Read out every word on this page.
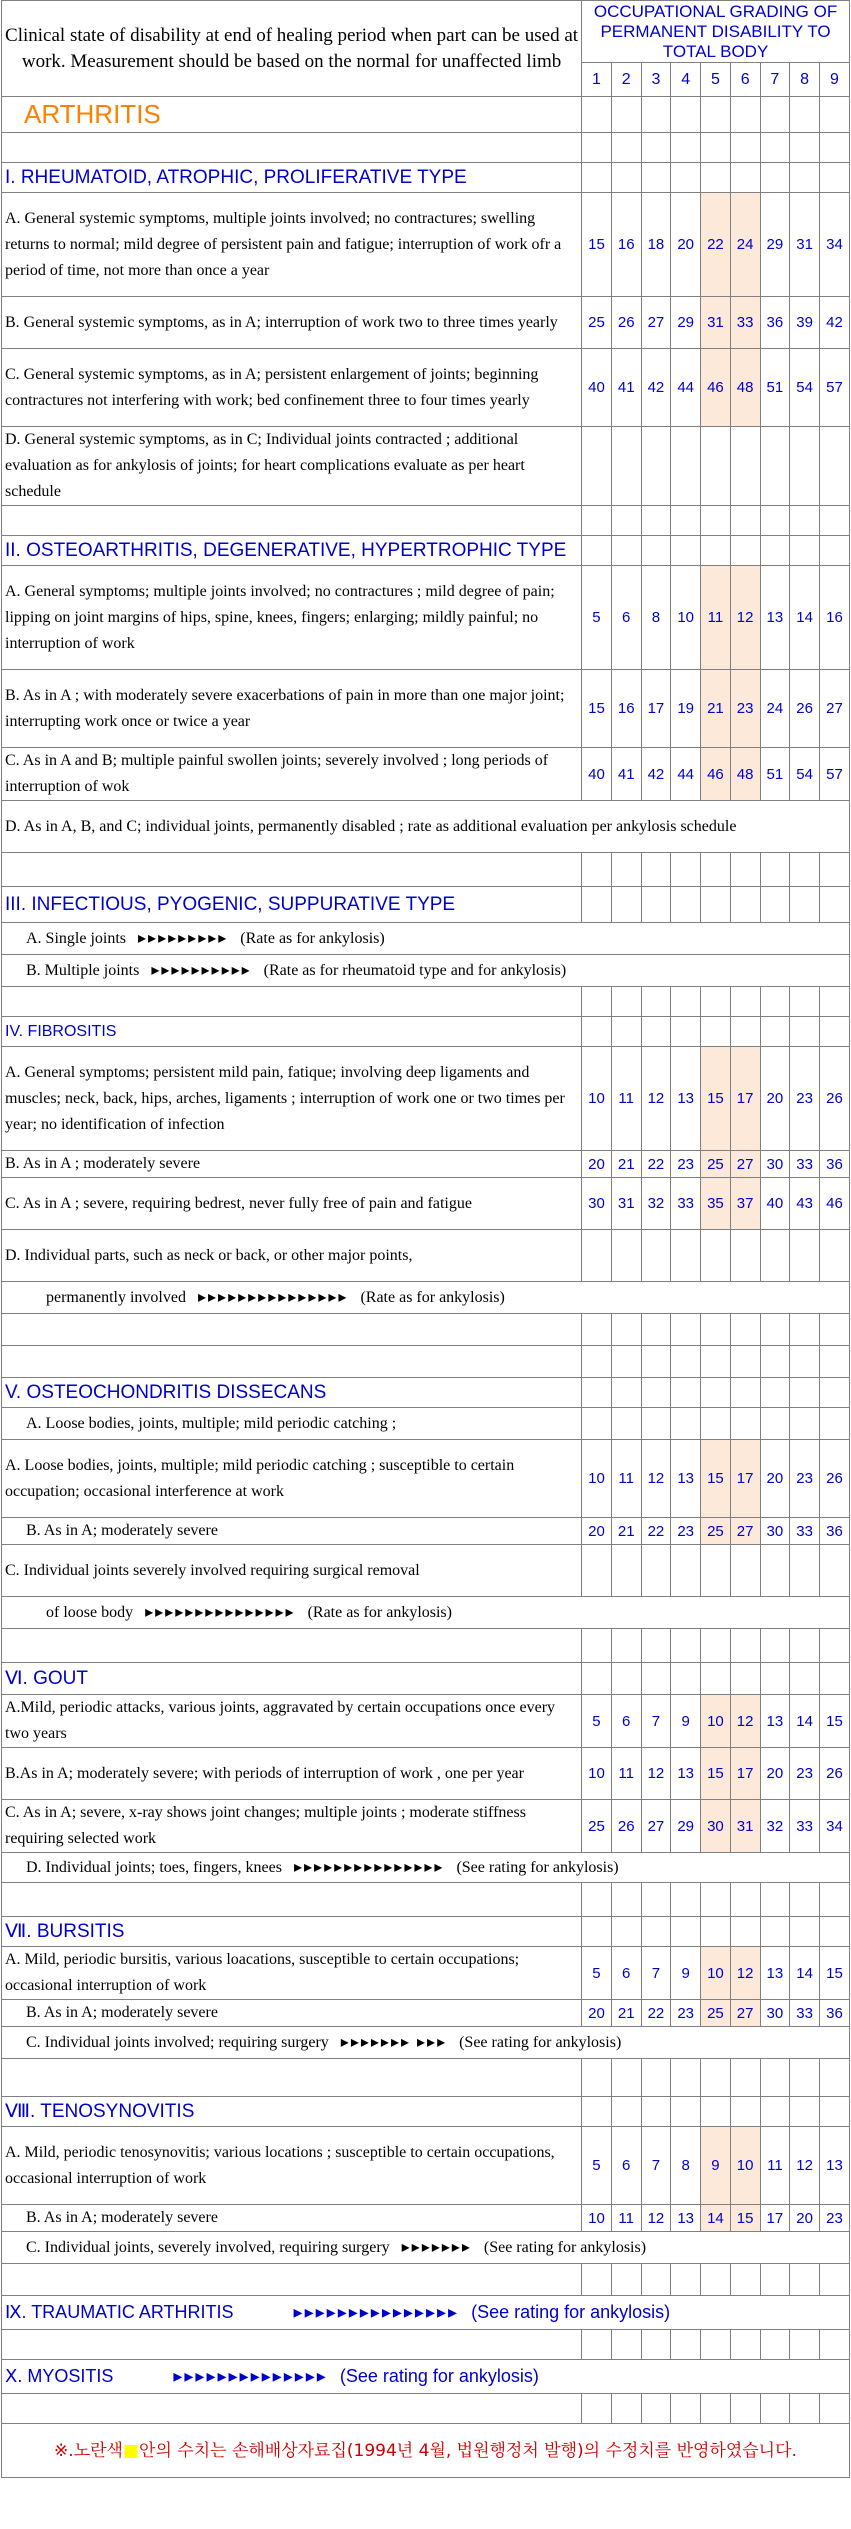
Clinical state of disability at end of healing period when part can be used at work. Measurement should be based on the normal for unaffected limb	OCCUPATIONAL GRADING OF PERMANENT DISABILITY TO TOTAL BODY								
	1	2	3	4	5	6	7	8	9
ARTHRITIS									

I. RHEUMATOID, ATROPHIC, PROLIFERATIVE TYPE									
A. General systemic symptoms, multiple joints involved; no contractures; swelling returns to normal; mild degree of persistent pain and fatigue; interruption of work ofr a period of time, not more than once a year	15	16	18	20	22	24	29	31	34
B. General systemic symptoms, as in A; interruption of work two to three times yearly	25	26	27	29	31	33	36	39	42
C. General systemic symptoms, as in A; persistent enlargement of joints; beginning contractures not interfering with work; bed confinement three to four times yearly	40	41	42	44	46	48	51	54	57
D. General systemic symptoms, as in C; Individual joints contracted ; additional evaluation as for ankylosis of joints; for heart complications evaluate as per heart schedule									

II. OSTEOARTHRITIS, DEGENERATIVE, HYPERTROPHIC TYPE									
A. General symptoms; multiple joints involved; no contractures ; mild degree of pain; lipping on joint margins of hips, spine, knees, fingers; enlarging; mildly painful; no interruption of work	5	6	8	10	11	12	13	14	16
B. As in A ; with moderately severe exacerbations of pain in more than one major joint; interrupting work once or twice a year	15	16	17	19	21	23	24	26	27
C. As in A and B; multiple painful swollen joints; severely involved ; long periods of interruption of wok	40	41	42	44	46	48	51	54	57
D. As in A, B, and C; individual joints, permanently disabled ; rate as additional evaluation per ankylosis schedule									

III. INFECTIOUS, PYOGENIC, SUPPURATIVE TYPE									
A. Single joints ▸▸▸▸▸▸▸▸▸ (Rate as for ankylosis)									
B. Multiple joints ▸▸▸▸▸▸▸▸▸▸ (Rate as for rheumatoid type and for ankylosis)									

IV. FIBROSITIS									
A. General symptoms; persistent mild pain, fatique; involving deep ligaments and muscles; neck, back, hips, arches, ligaments ; interruption of work one or two times per year; no identification of infection	10	11	12	13	15	17	20	23	26
B. As in A ; moderately severe	20	21	22	23	25	27	30	33	36
C. As in A ; severe, requiring bedrest, never fully free of pain and fatigue	30	31	32	33	35	37	40	43	46
D. Individual parts, such as neck or back, or other major points,									
permanently involved ▸▸▸▸▸▸▸▸▸▸▸▸▸▸▸ (Rate as for ankylosis)									

V. OSTEOCHONDRITIS DISSECANS									
A. Loose bodies, joints, multiple; mild periodic catching ;									
A. Loose bodies, joints, multiple; mild periodic catching ; susceptible to certain occupation; occasional interference at work	10	11	12	13	15	17	20	23	26
B. As in A; moderately severe	20	21	22	23	25	27	30	33	36
C. Individual joints severely involved requiring surgical removal									
of loose body ▸▸▸▸▸▸▸▸▸▸▸▸▸▸▸ (Rate as for ankylosis)									

Ⅵ. GOUT									
A.Mild, periodic attacks, various joints, aggravated by certain occupations once every two years	5	6	7	9	10	12	13	14	15
B.As in A; moderately severe; with periods of interruption of work , one per year	10	11	12	13	15	17	20	23	26
C. As in A; severe, x-ray shows joint changes; multiple joints ; moderate stiffness requiring selected work	25	26	27	29	30	31	32	33	34
D. Individual joints; toes, fingers, knees ▸▸▸▸▸▸▸▸▸▸▸▸▸▸▸ (See rating for ankylosis)									

Ⅶ. BURSITIS									
A. Mild, periodic bursitis, various loacations, susceptible to certain occupations; occasional interruption of work	5	6	7	9	10	12	13	14	15
B. As in A; moderately severe	20	21	22	23	25	27	30	33	36
C. Individual joints involved; requiring surgery ▸▸▸▸▸▸▸ ▸▸▸ (See rating for ankylosis)									

Ⅷ. TENOSYNOVITIS									
A. Mild, periodic tenosynovitis; various locations ; susceptible to certain occupations, occasional interruption of work	5	6	7	8	9	10	11	12	13
B. As in A; moderately severe	10	11	12	13	14	15	17	20	23
C. Individual joints, severely involved, requiring surgery ▸▸▸▸▸▸▸ (See rating for ankylosis)									

Ⅸ. TRAUMATIC ARTHRITIS ▸▸▸▸▸▸▸▸▸▸▸▸▸▸▸ (See rating for ankylosis)									

Ⅹ. MYOSITIS ▸▸▸▸▸▸▸▸▸▸▸▸▸▸ (See rating for ankylosis)									

※.노란색■안의 수치는 손해배상자료집(1994년 4월, 법원행정처 발행)의 수정치를 반영하였습니다.									
